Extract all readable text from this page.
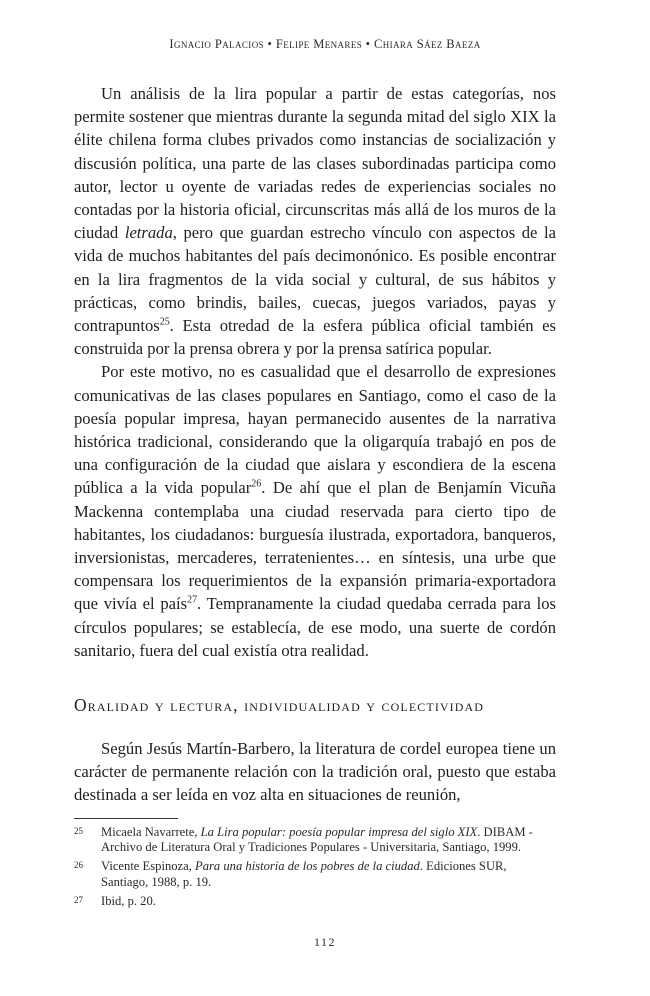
Ignacio Palacios • Felipe Menares • Chiara Sáez Baeza

Un análisis de la lira popular a partir de estas categorías, nos permite sostener que mientras durante la segunda mitad del siglo XIX la élite chilena forma clubes privados como instancias de socialización y discusión política, una parte de las clases subordinadas participa como autor, lector u oyente de variadas redes de experiencias sociales no contadas por la historia oficial, circunscritas más allá de los muros de la ciudad letrada, pero que guardan estrecho vínculo con aspectos de la vida de muchos habitantes del país decimonónico. Es posible encontrar en la lira fragmentos de la vida social y cultural, de sus hábitos y prácticas, como brindis, bailes, cuecas, juegos variados, payas y contrapuntos$^{25}$. Esta otredad de la esfera pública oficial también es construida por la prensa obrera y por la prensa satírica popular.

Por este motivo, no es casualidad que el desarrollo de expresiones comunicativas de las clases populares en Santiago, como el caso de la poesía popular impresa, hayan permanecido ausentes de la narrativa histórica tradicional, considerando que la oligarquía trabajó en pos de una configuración de la ciudad que aislara y escondiera de la escena pública a la vida popular$^{26}$. De ahí que el plan de Benjamín Vicuña Mackenna contemplaba una ciudad reservada para cierto tipo de habitantes, los ciudadanos: burguesía ilustrada, exportadora, banqueros, inversionistas, mercaderes, terratenientes… en síntesis, una urbe que compensara los requerimientos de la expansión primaria-exportadora que vivía el país$^{27}$. Tempranamente la ciudad quedaba cerrada para los círculos populares; se establecía, de ese modo, una suerte de cordón sanitario, fuera del cual existía otra realidad.

Oralidad y lectura, individualidad y colectividad

Según Jesús Martín-Barbero, la literatura de cordel europea tiene un carácter de permanente relación con la tradición oral, puesto que estaba destinada a ser leída en voz alta en situaciones de reunión,

25 Micaela Navarrete, La Lira popular: poesía popular impresa del siglo XIX. DIBAM - Archivo de Literatura Oral y Tradiciones Populares - Universitaria, Santiago, 1999.
26 Vicente Espinoza, Para una historia de los pobres de la ciudad. Ediciones SUR, Santiago, 1988, p. 19.
27 Ibid, p. 20.
112
